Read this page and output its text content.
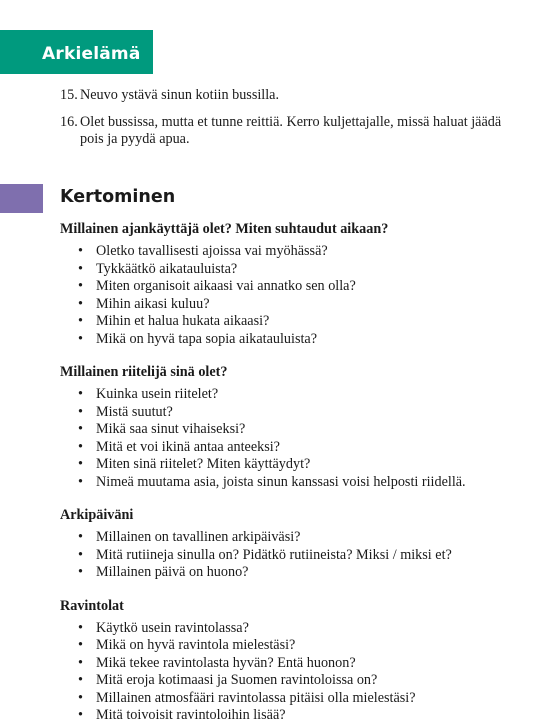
Arkielämä
15. Neuvo ystävä sinun kotiin bussilla.
16. Olet bussissa, mutta et tunne reittiä. Kerro kuljettajalle, missä haluat jäädä pois ja pyydä apua.
Kertominen
Millainen ajankäyttäjä olet? Miten suhtaudut aikaan?
• Oletko tavallisesti ajoissa vai myöhässä?
• Tykkäätkö aikatauluista?
• Miten organisoit aikaasi vai annatko sen olla?
• Mihin aikasi kuluu?
• Mihin et halua hukata aikaasi?
• Mikä on hyvä tapa sopia aikatauluista?
Millainen riitelijä sinä olet?
• Kuinka usein riitelet?
• Mistä suutut?
• Mikä saa sinut vihaiseksi?
• Mitä et voi ikinä antaa anteeksi?
• Miten sinä riitelet? Miten käyttäydyt?
• Nimeä muutama asia, joista sinun kanssasi voisi helposti riidellä.
Arkipäiväni
• Millainen on tavallinen arkipäiväsi?
• Mitä rutiineja sinulla on? Pidätkö rutiineista? Miksi / miksi et?
• Millainen päivä on huono?
Ravintolat
• Käytkö usein ravintolassa?
• Mikä on hyvä ravintola mielestäsi?
• Mikä tekee ravintolasta hyvän? Entä huonon?
• Mitä eroja kotimaasi ja Suomen ravintoloissa on?
• Millainen atmosfääri ravintolassa pitäisi olla mielestäsi?
• Mitä toivoisit ravintoloihin lisää?
